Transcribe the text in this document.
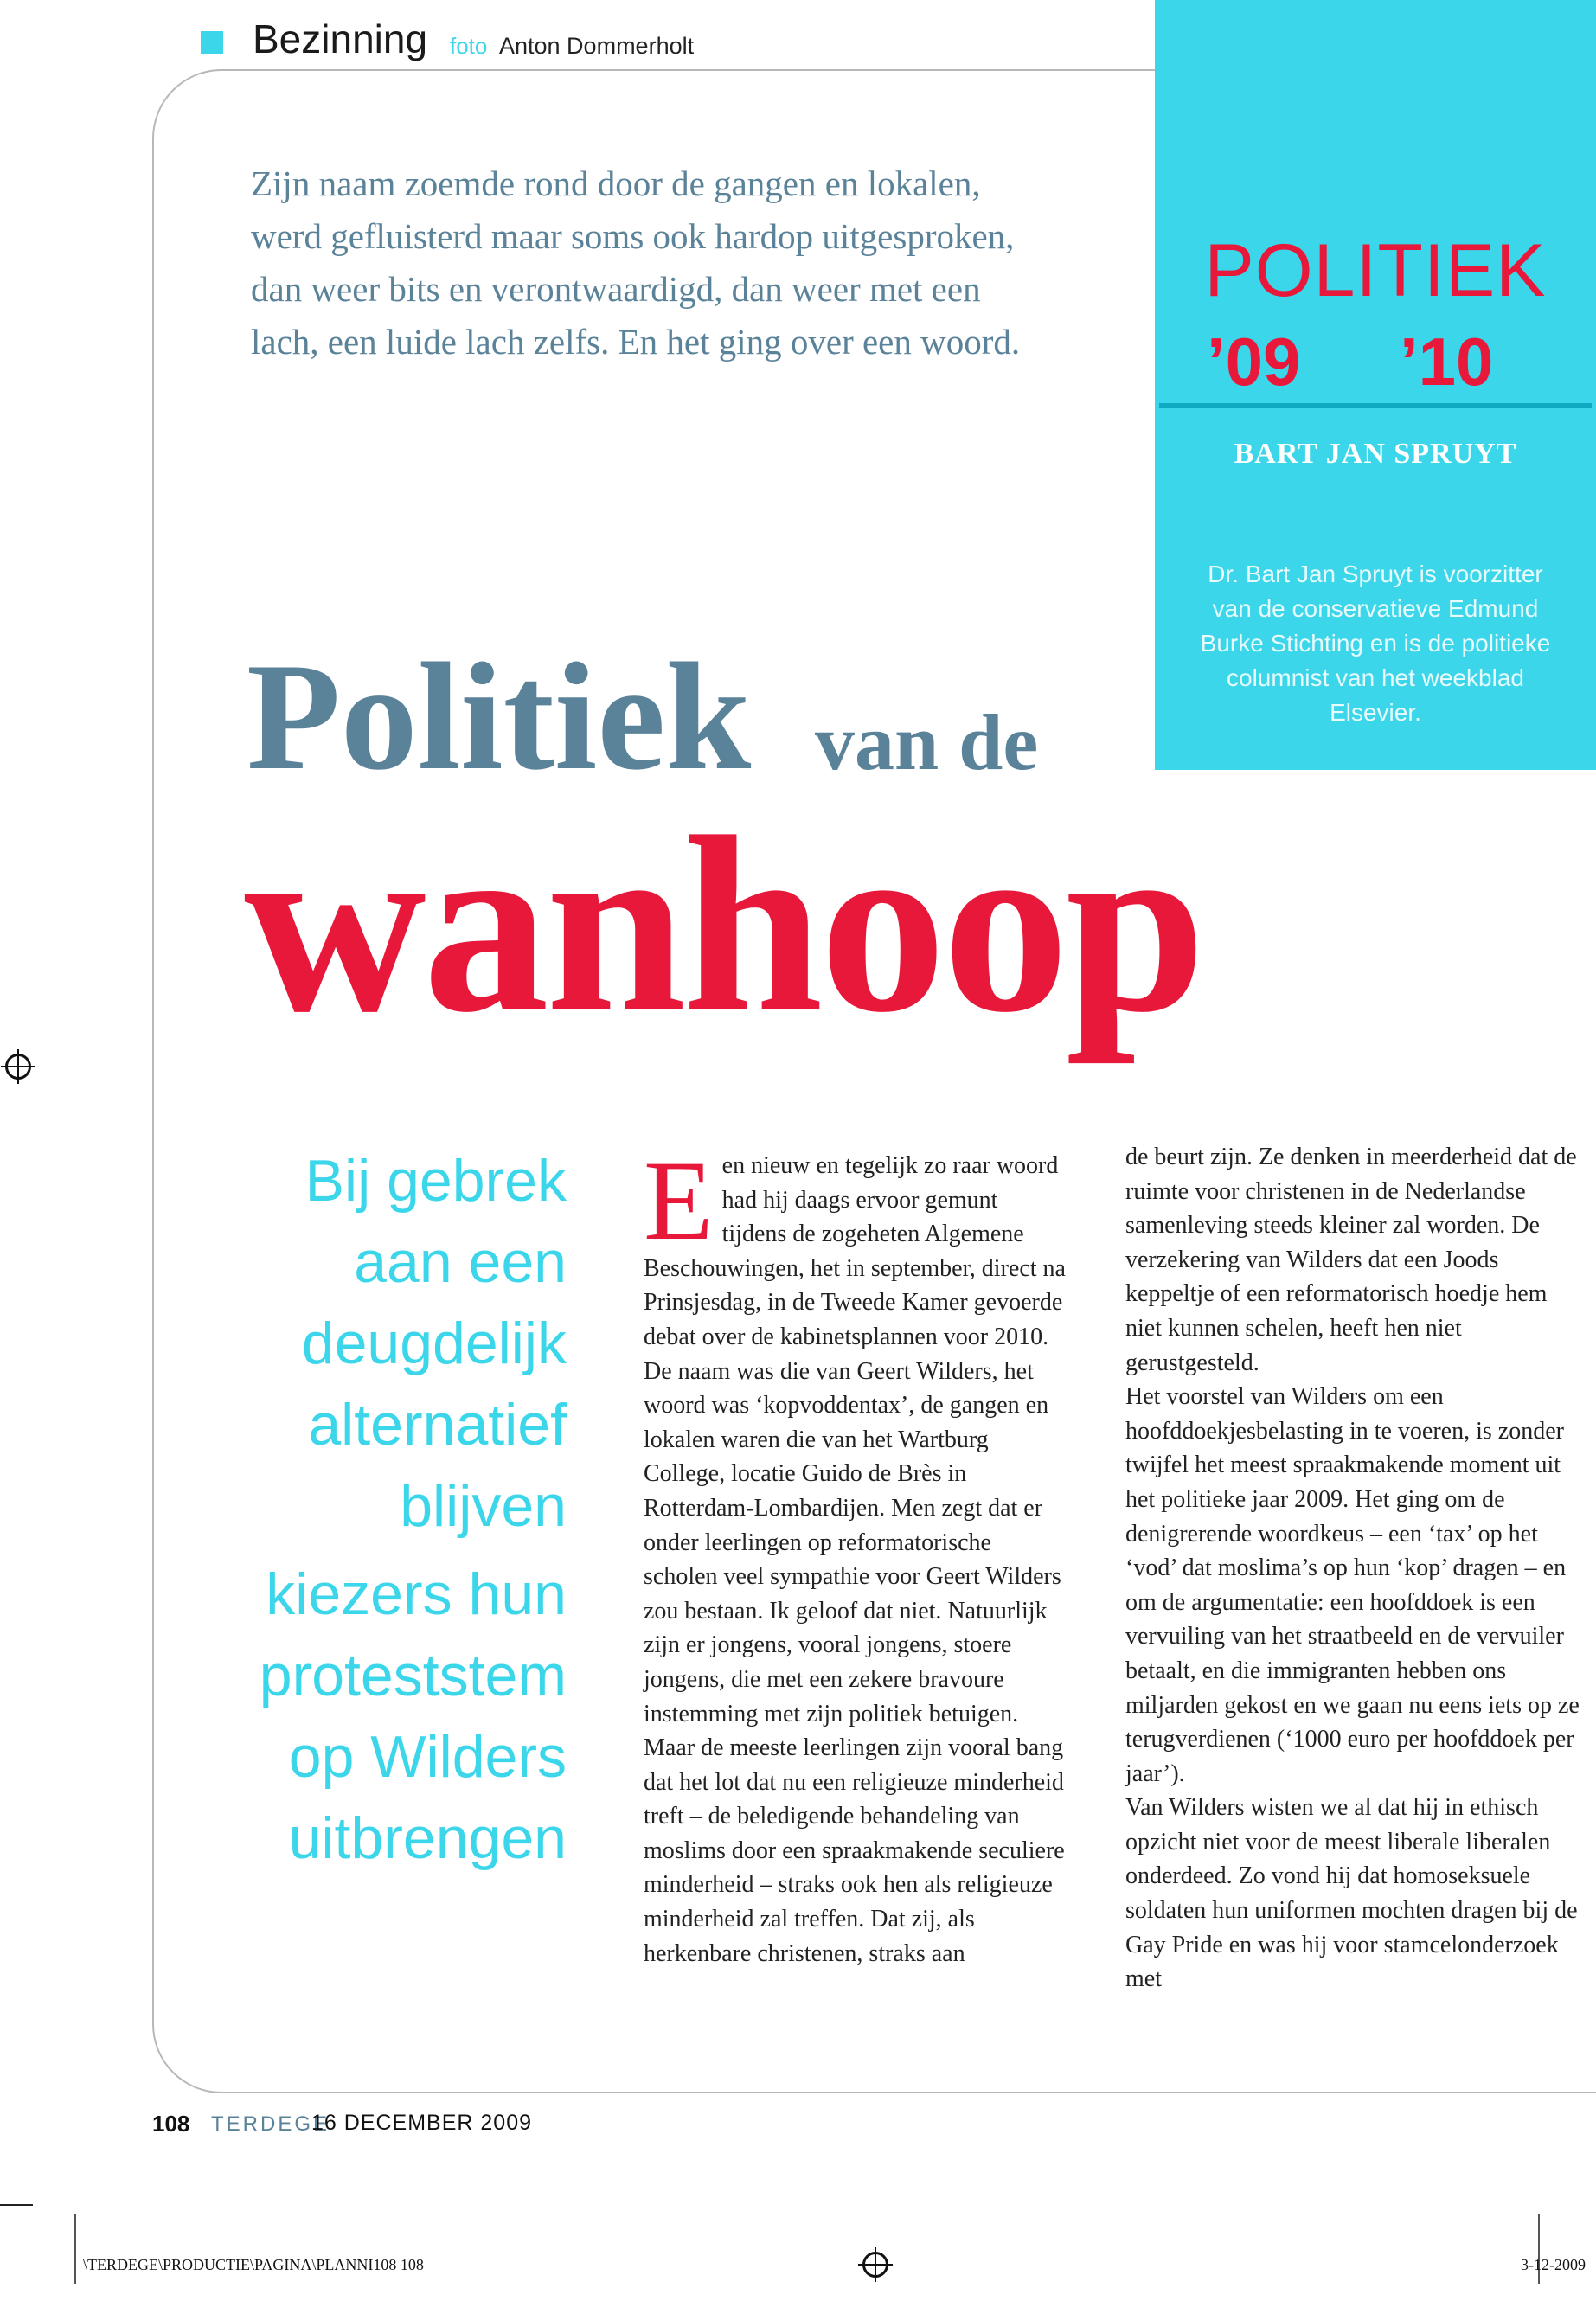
Bezinning foto Anton Dommerholt
Zijn naam zoemde rond door de gangen en lokalen, werd gefluisterd maar soms ook hardop uitgesproken, dan weer bits en verontwaardigd, dan weer met een lach, een luide lach zelfs. En het ging over een woord.
POLITIEK
’09 ’10
BART JAN SPRUYT
Dr. Bart Jan Spruyt is voorzitter van de conservatieve Edmund Burke Stichting en is de politieke columnist van het weekblad Elsevier.
Politiek van de
wanhoop

Bij gebrek aan een deugdelijk alternatief blijven

kiezers hun proteststem op Wilders uitbrengen

E en nieuw en tegelijk zo raar woord had hij daags ervoor gemunt tijdens de zogeheten Algemene Beschouwingen, het in september, direct na Prinsjesdag, in de Tweede Kamer gevoerde debat over de kabinetsplannen voor 2010.

De naam was die van Geert Wilders, het woord was ‘kopvoddentax’, de gangen en lokalen waren die van het Wartburg College, locatie Guido de Brès in Rotterdam-Lombardijen. Men zegt dat er onder leerlingen op reformatorische scholen veel sympathie voor Geert Wilders zou bestaan. Ik geloof dat niet. Natuurlijk zijn er jongens, vooral jongens, stoere jongens, die met een zekere bravoure instemming met zijn politiek betuigen. Maar de meeste leerlingen zijn vooral bang dat het lot dat nu een religieuze minderheid treft – de beledigende behandeling van moslims door een spraakmakende seculiere minderheid – straks ook hen als religieuze minderheid zal treffen. Dat zij, als herkenbare christenen, straks aan

de beurt zijn. Ze denken in meerderheid dat de ruimte voor christenen in de Nederlandse samenleving steeds kleiner zal worden. De verzekering van Wilders dat een Joods keppeltje of een reformatorisch hoedje hem niet kunnen schelen, heeft hen niet gerustgesteld.

Het voorstel van Wilders om een hoofddoekjesbelasting in te voeren, is zonder twijfel het meest spraakmakende moment uit het politieke jaar 2009. Het ging om de denigrerende woordkeus – een ‘tax’ op het ‘vod’ dat moslima’s op hun ‘kop’ dragen – en om de argumentatie: een hoofddoek is een vervuiling van het straatbeeld en de vervuiler betaalt, en die immigranten hebben ons miljarden gekost en we gaan nu eens iets op ze terugverdienen (‘1000 euro per hoofddoek per jaar’).

Van Wilders wisten we al dat hij in ethisch opzicht niet voor de meest liberale liberalen onderdeed. Zo vond hij dat homoseksuele soldaten hun uniformen mochten dragen bij de Gay Pride en was hij voor stamcelonderzoek met

108 TERDEGE
16 DECEMBER 2009
\TERDEGE\PRODUCTIE\PAGINA\PLANNI108 108	3-12-2009
